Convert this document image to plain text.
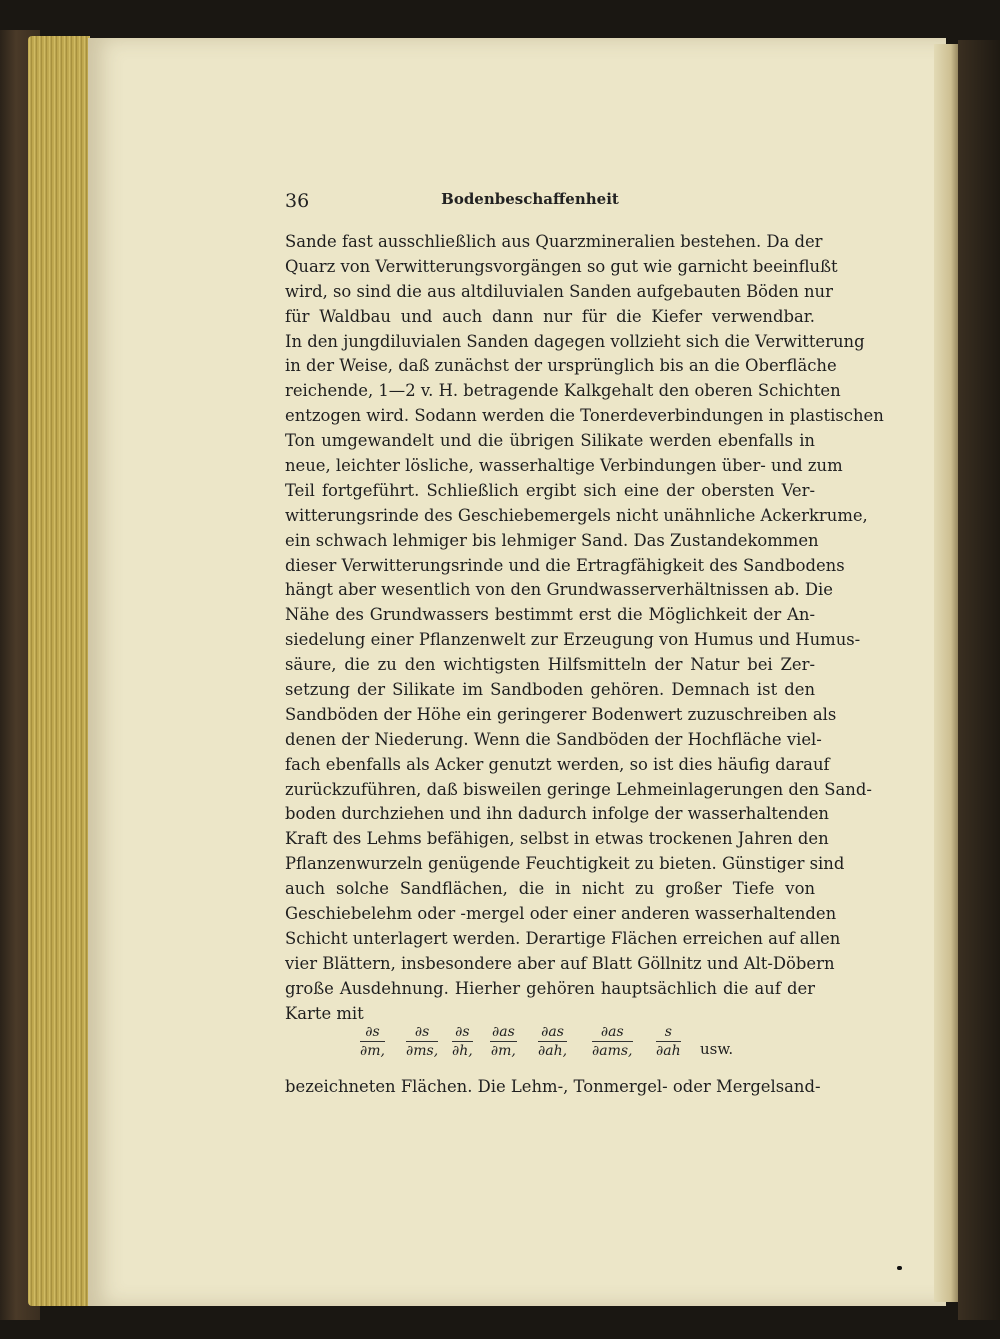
36	Bodenbeschaffenheit
Sande fast ausschließlich aus Quarzmineralien bestehen. Da der
Quarz von Verwitterungsvorgängen so gut wie garnicht beeinflußt
wird, so sind die aus altdiluvialen Sanden aufgebauten Böden nur
für Waldbau und auch dann nur für die Kiefer verwendbar.
In den jungdiluvialen Sanden dagegen vollzieht sich die Verwitterung
in der Weise, daß zunächst der ursprünglich bis an die Oberfläche
reichende, 1—2 v. H. betragende Kalkgehalt den oberen Schichten
entzogen wird. Sodann werden die Tonerdeverbindungen in plastischen
Ton umgewandelt und die übrigen Silikate werden ebenfalls in
neue, leichter lösliche, wasserhaltige Verbindungen über- und zum
Teil fortgeführt. Schließlich ergibt sich eine der obersten Ver-
witterungsrinde des Geschiebemergels nicht unähnliche Ackerkrume,
ein schwach lehmiger bis lehmiger Sand. Das Zustandekommen
dieser Verwitterungsrinde und die Ertragfähigkeit des Sandbodens
hängt aber wesentlich von den Grundwasserverhältnissen ab. Die
Nähe des Grundwassers bestimmt erst die Möglichkeit der An-
siedelung einer Pflanzenwelt zur Erzeugung von Humus und Humus-
säure, die zu den wichtigsten Hilfsmitteln der Natur bei Zer-
setzung der Silikate im Sandboden gehören. Demnach ist den
Sandböden der Höhe ein geringerer Bodenwert zuzuschreiben als
denen der Niederung. Wenn die Sandböden der Hochfläche viel-
fach ebenfalls als Acker genutzt werden, so ist dies häufig darauf
zurückzuführen, daß bisweilen geringe Lehmeinlagerungen den Sand-
boden durchziehen und ihn dadurch infolge der wasserhaltenden
Kraft des Lehms befähigen, selbst in etwas trockenen Jahren den
Pflanzenwurzeln genügende Feuchtigkeit zu bieten. Günstiger sind
auch solche Sandflächen, die in nicht zu großer Tiefe von
Geschiebelehm oder -mergel oder einer anderen wasserhaltenden
Schicht unterlagert werden. Derartige Flächen erreichen auf allen
vier Blättern, insbesondere aber auf Blatt Göllnitz und Alt-Döbern
große Ausdehnung. Hierher gehören hauptsächlich die auf der
Karte mit
$\frac{\partial s}{\partial m,} \frac{\partial s}{\partial ms,} \frac{\partial s}{\partial h,} \frac{\partial as}{\partial m,} \frac{\partial as}{\partial ah,}$	∂as
∂ams, $\frac{s}{\partial ah}$ usw.
bezeichneten Flächen. Die Lehm-, Tonmergel- oder Mergelsand-
